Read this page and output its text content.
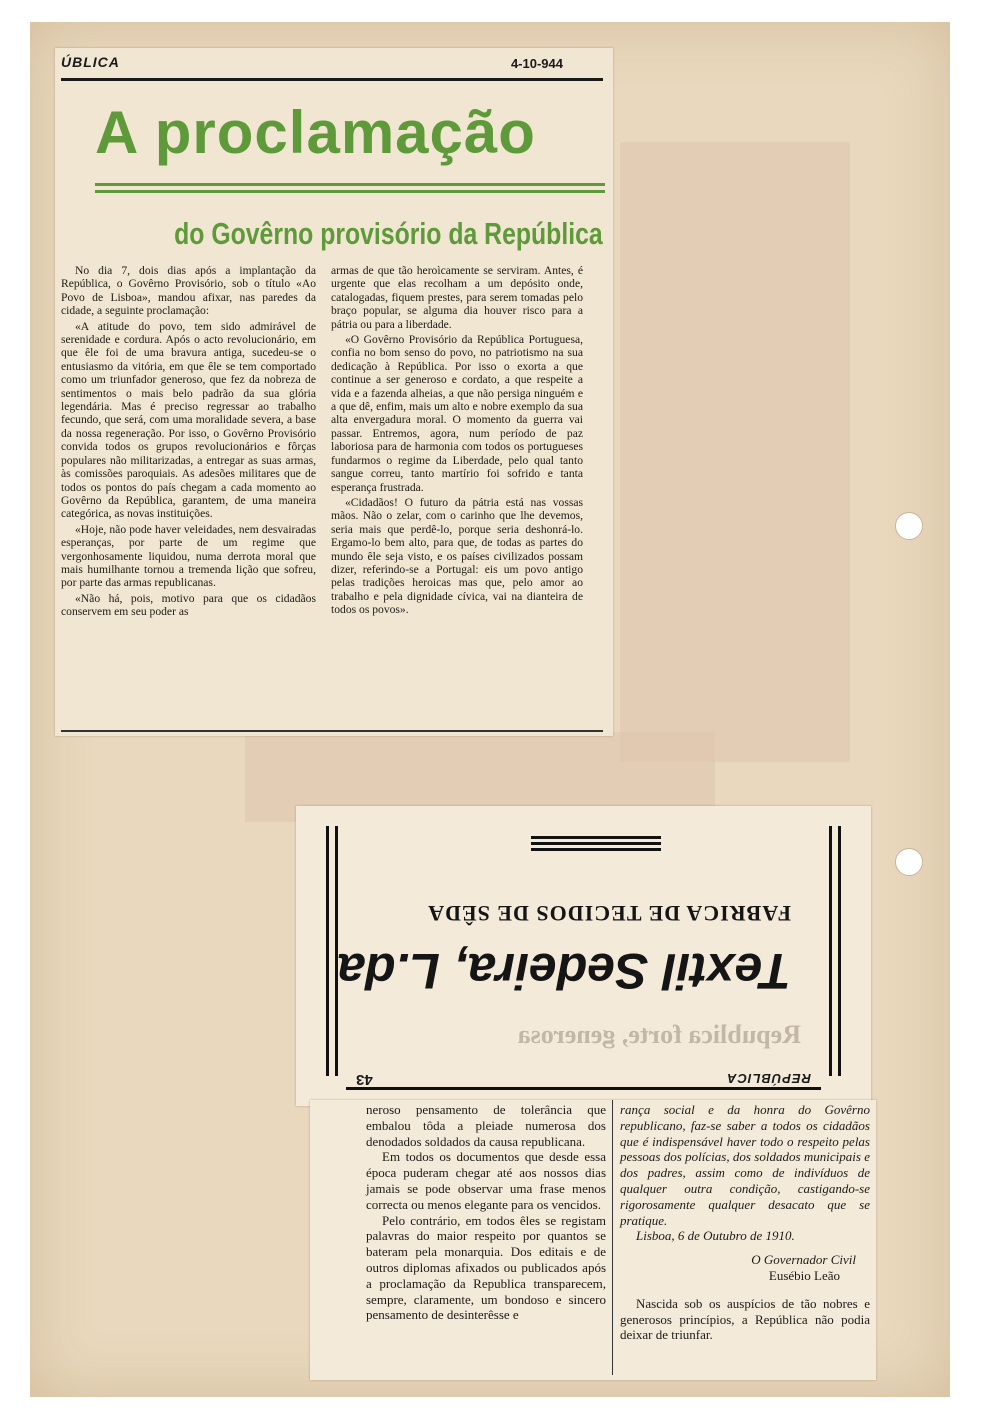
ÚBLICA	4-10-944
A proclamação
do Govêrno provisório da República

No dia 7, dois dias após a implantação da República, o Govêrno Provisório, sob o título «Ao Povo de Lisboa», mandou afixar, nas paredes da cidade, a seguinte proclamação:

«A atitude do povo, tem sido admirável de serenidade e cordura. Após o acto revolucionário, em que êle foi de uma bravura antiga, sucedeu-se o entusiasmo da vitória, em que êle se tem comportado como um triunfador generoso, que fez da nobreza de sentimentos o mais belo padrão da sua glória legendária. Mas é preciso regressar ao trabalho fecundo, que será, com uma moralidade severa, a base da nossa regeneração. Por isso, o Govêrno Provisório convida todos os grupos revolucionários e fôrças populares não militarizadas, a entregar as suas armas, às comissões paroquiais. As adesões militares que de todos os pontos do país chegam a cada momento ao Govêrno da República, garantem, de uma maneira categórica, as novas instituições.

«Hoje, não pode haver veleidades, nem desvairadas esperanças, por parte de um regime que vergonhosamente liquidou, numa derrota moral que mais humilhante tornou a tremenda lição que sofreu, por parte das armas republicanas.

«Não há, pois, motivo para que os cidadãos conservem em seu poder as

armas de que tão heroìcamente se serviram. Antes, é urgente que elas recolham a um depósito onde, catalogadas, fiquem prestes, para serem tomadas pelo braço popular, se alguma dia houver risco para a pátria ou para a liberdade.

«O Govêrno Provisório da República Portuguesa, confia no bom senso do povo, no patriotismo na sua dedicação à República. Por isso o exorta a que continue a ser generoso e cordato, a que respeite a vida e a fazenda alheias, a que não persiga ninguém e a que dê, enfim, mais um alto e nobre exemplo da sua alta envergadura moral. O momento da guerra vai passar. Entremos, agora, num período de paz laboriosa para de harmonia com todos os portugueses fundarmos o regime da Liberdade, pelo qual tanto sangue correu, tanto martírio foi sofrido e tanta esperança frustrada.

«Cidadãos! O futuro da pátria está nas vossas mãos. Não o zelar, com o carinho que lhe devemos, seria mais que perdê-lo, porque seria deshonrá-lo. Ergamo-lo bem alto, para que, de todas as partes do mundo êle seja visto, e os países civilizados possam dizer, referindo-se a Portugal: eis um povo antigo pelas tradições heroicas mas que, pelo amor ao trabalho e pela dignidade cívica, vai na dianteira de todos os povos».

REPÚBLICA
43
Republica forte, generosa
Textil Sedeira, L.da
FABRICA DE TECIDOS DE SÊDA

neroso pensamento de tolerância que embalou tôda a pleiade numerosa dos denodados soldados da causa republicana.

Em todos os documentos que desde essa época puderam chegar até aos nossos dias jamais se pode observar uma frase menos correcta ou menos elegante para os vencidos.

Pelo contrário, em todos êles se registam palavras do maior respeito por quantos se bateram pela monarquia. Dos editais e de outros diplomas afixados ou publicados após a proclamação da Republica transparecem, sempre, claramente, um bondoso e sincero pensamento de desinterêsse e

rança social e da honra do Govêrno republicano, faz-se saber a todos os cidadãos que é indispensável haver todo o respeito pelas pessoas dos polícias, dos soldados municipais e dos padres, assim como de indivíduos de qualquer outra condição, castigando-se rigorosamente qualquer desacato que se pratique.

Lisboa, 6 de Outubro de 1910.

O Governador Civil

Eusébio Leão

Nascida sob os auspícios de tão nobres e generosos princípios, a República não podia deixar de triunfar.
